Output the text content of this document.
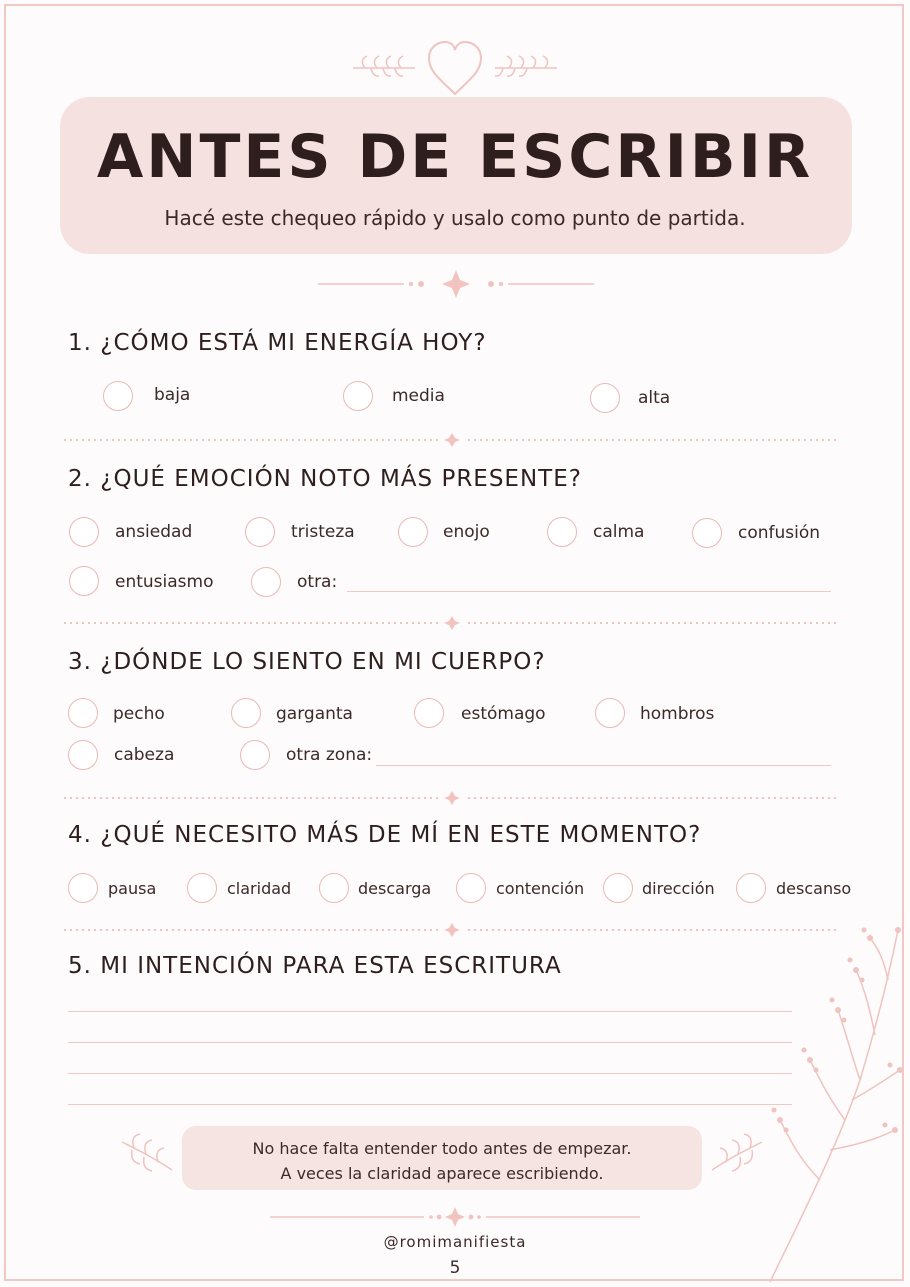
ANTES DE ESCRIBIR
Hacé este chequeo rápido y usalo como punto de partida.
1. ¿CÓMO ESTÁ MI ENERGÍA HOY?
baja	media	alta
2. ¿QUÉ EMOCIÓN NOTO MÁS PRESENTE?
ansiedad	tristeza	enojo	calma	confusión
entusiasmo	otra:
3. ¿DÓNDE LO SIENTO EN MI CUERPO?
pecho	garganta	estómago	hombros
cabeza	otra zona:
4. ¿QUÉ NECESITO MÁS DE MÍ EN ESTE MOMENTO?
pausa	claridad	descarga	contención	dirección	descanso
5. MI INTENCIÓN PARA ESTA ESCRITURA
No hace falta entender todo antes de empezar.
A veces la claridad aparece escribiendo.
@romimanifiesta
5
